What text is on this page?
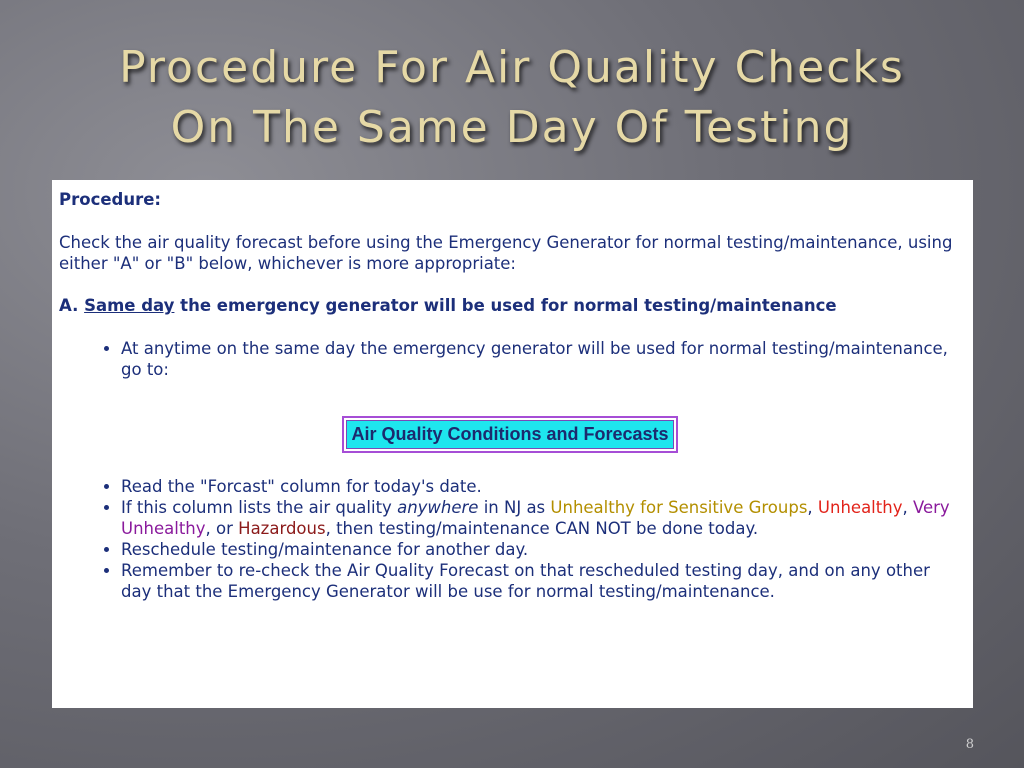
Procedure For Air Quality Checks
On The Same Day Of Testing

Procedure:

Check the air quality forecast before using the Emergency Generator for normal testing/maintenance, using either "A" or "B" below, whichever is more appropriate:

A. Same day the emergency generator will be used for normal testing/maintenance

• At anytime on the same day the emergency generator will be used for normal testing/maintenance, go to:
Air Quality Conditions and Forecasts
• Read the "Forcast" column for today's date.
• If this column lists the air quality anywhere in NJ as Unhealthy for Sensitive Groups, Unhealthy, Very Unhealthy, or Hazardous, then testing/maintenance CAN NOT be done today.
• Reschedule testing/maintenance for another day.
• Remember to re-check the Air Quality Forecast on that rescheduled testing day, and on any other day that the Emergency Generator will be use for normal testing/maintenance.
8
